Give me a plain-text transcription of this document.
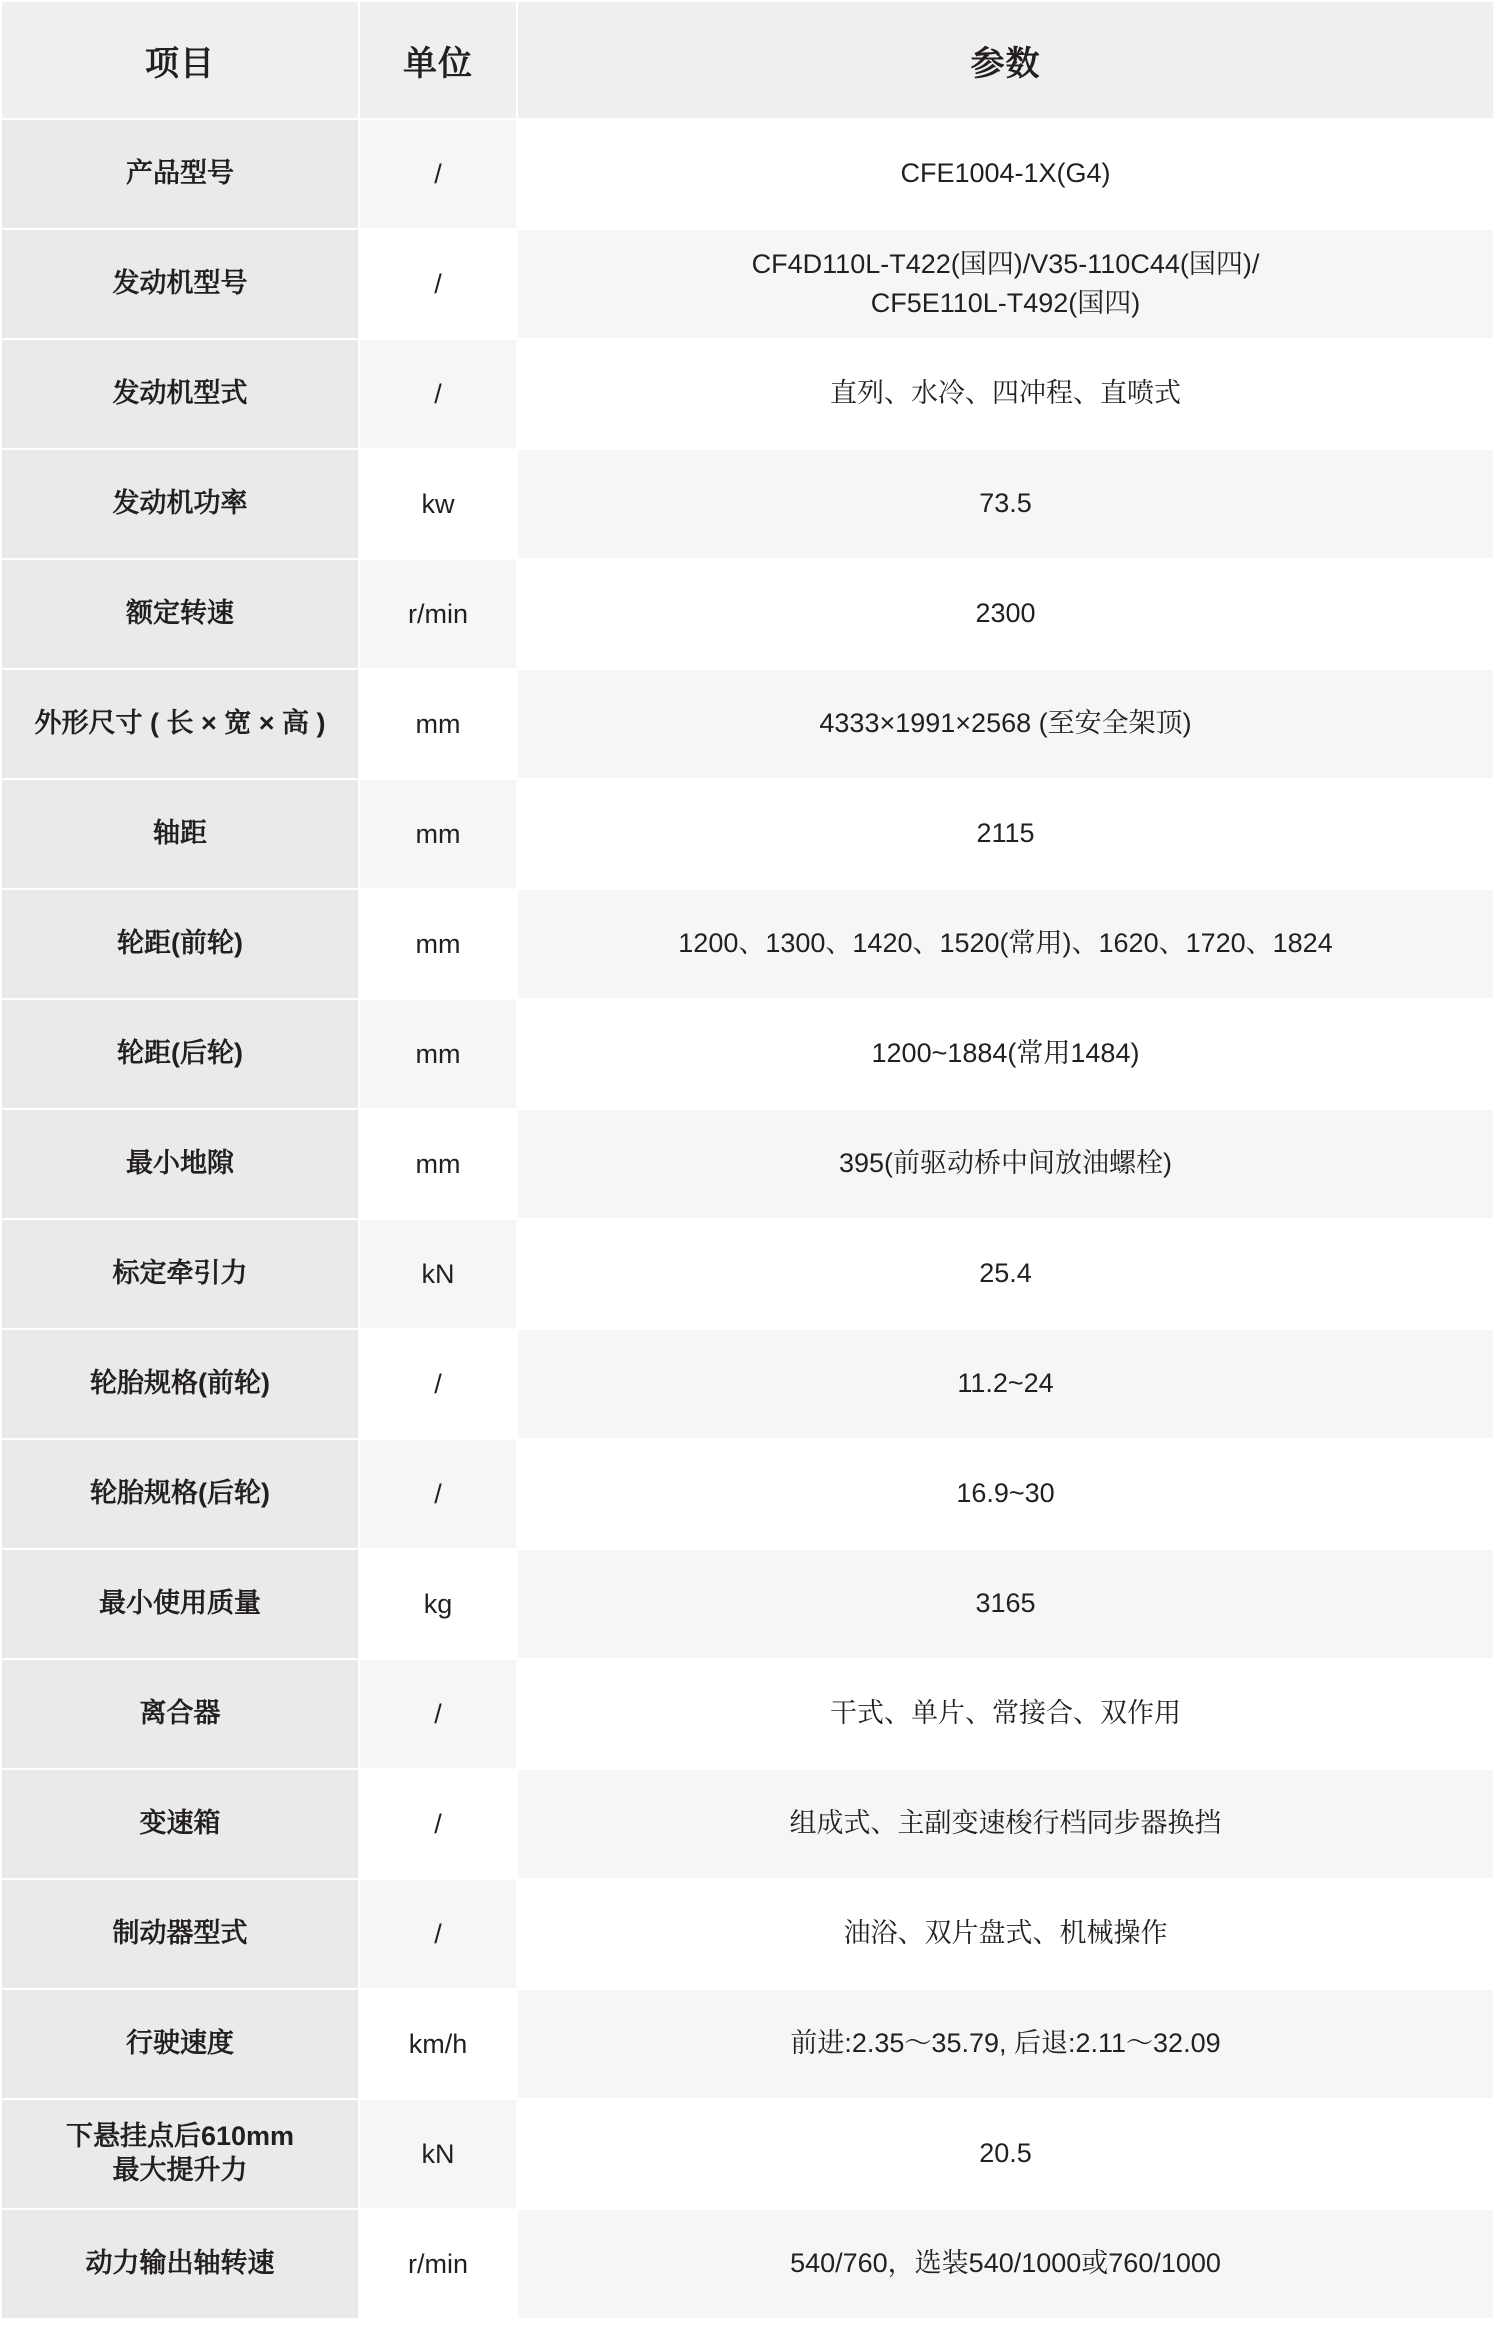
项目	单位	参数
产品型号	/	CFE1004-1X(G4)
发动机型号	/	CF4D110L-T422(国四)/V35-110C44(国四)/
CF5E110L-T492(国四)
发动机型式	/	直列、水冷、四冲程、直喷式
发动机功率	kw	73.5
额定转速	r/min	2300
外形尺寸 ( 长 × 宽 × 高 )	mm	4333×1991×2568 (至安全架顶)
轴距	mm	2115
轮距(前轮)	mm	1200、1300、1420、1520(常用)、1620、1720、1824
轮距(后轮)	mm	1200~1884(常用1484)
最小地隙	mm	395(前驱动桥中间放油螺栓)
标定牵引力	kN	25.4
轮胎规格(前轮)	/	11.2~24
轮胎规格(后轮)	/	16.9~30
最小使用质量	kg	3165
离合器	/	干式、单片、常接合、双作用
变速箱	/	组成式、主副变速梭行档同步器换挡
制动器型式	/	油浴、双片盘式、机械操作
行驶速度	km/h	前进:2.35～35.79, 后退:2.11～32.09
下悬挂点后610mm
最大提升力	kN	20.5
动力输出轴转速	r/min	540/760，选装540/1000或760/1000
